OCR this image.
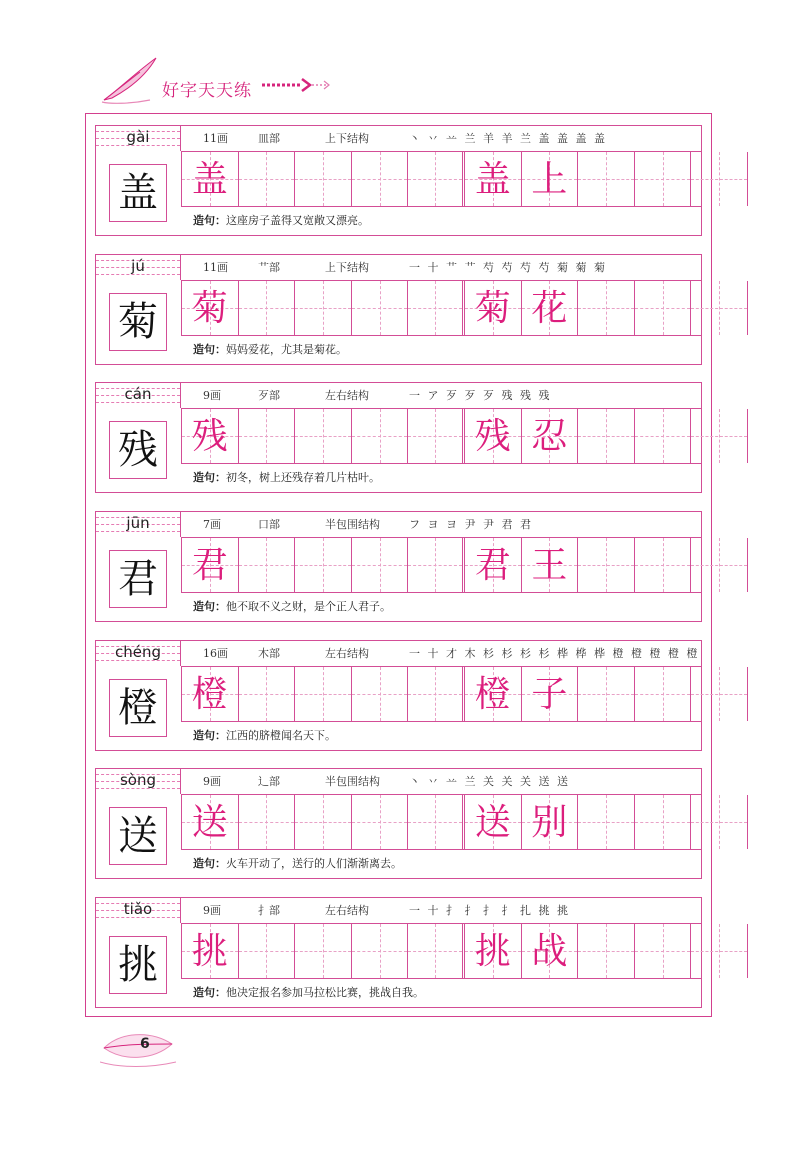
好字天天练
gài	11画	皿部	上下结构	丶 丷 䒑 兰 羊 羊 兰 盖 盖 盖 盖
盖 盖	盖 上
造句：这座房子盖得又宽敞又漂亮。
jú	11画	艹部	上下结构	一 十 艹 艹 芍 芍 芍 芍 菊 菊 菊
菊 菊	菊 花
造句：妈妈爱花，尤其是菊花。
cán	9画	歹部	左右结构	一 ア 歹 歹 歹 残 残 残
残 残	残 忍
造句：初冬，树上还残存着几片枯叶。
jūn	7画	口部	半包围结构	フ ヨ ヨ 尹 尹 君 君
君 君	君 王
造句：他不取不义之财，是个正人君子。
chéng	16画	木部	左右结构	一 十 才 木 杉 杉 杉 杉 桦 桦 桦 橙 橙 橙 橙 橙
橙 橙	橙 子
造句：江西的脐橙闻名天下。
sòng	9画	辶部	半包围结构	丶 丷 䒑 兰 关 关 关 送 送
送 送	送 别
造句：火车开动了，送行的人们渐渐离去。
tiǎo	9画	扌部	左右结构	一 十 扌 扌 扌 扌 扎 挑 挑
挑 挑	挑 战
造句：他决定报名参加马拉松比赛，挑战自我。
6
